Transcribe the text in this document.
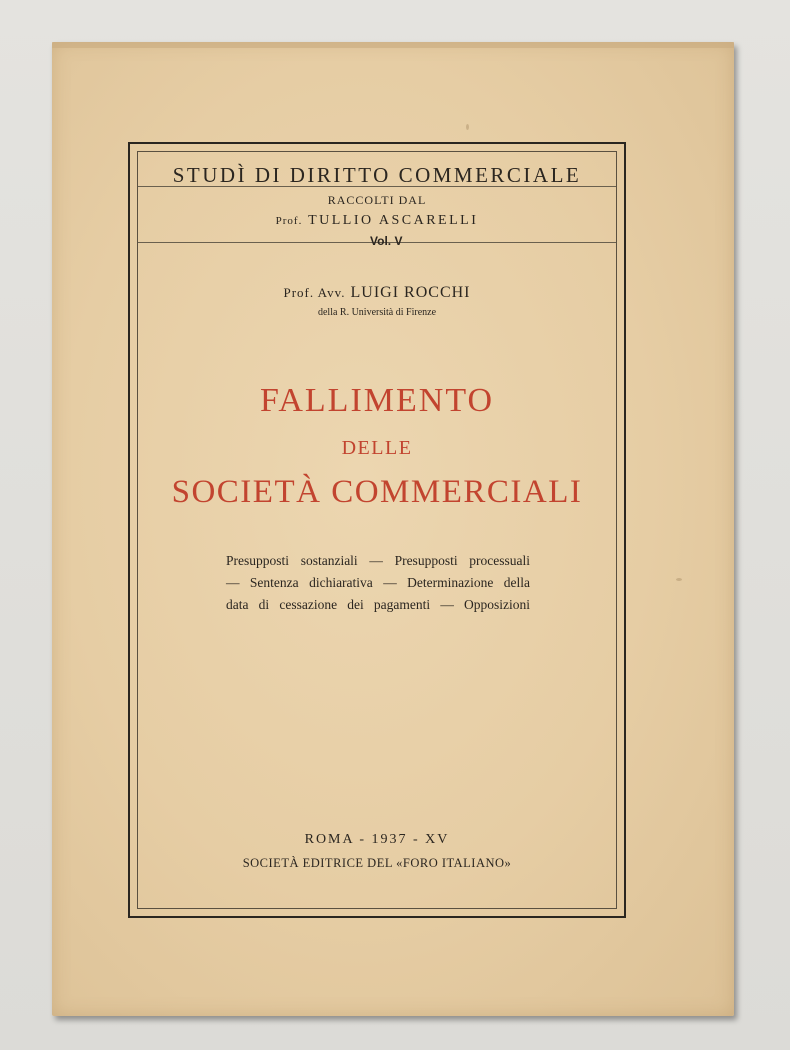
STUDÌ DI DIRITTO COMMERCIALE
RACCOLTI DAL
Prof. TULLIO ASCARELLI
Vol. V
Prof. Avv. LUIGI ROCCHI
della R. Università di Firenze
FALLIMENTO
DELLE
SOCIETÀ COMMERCIALI
Presupposti sostanziali — Presupposti processuali
— Sentenza dichiarativa — Determinazione della
data di cessazione dei pagamenti — Opposizioni
ROMA - 1937 - XV
SOCIETÀ EDITRICE DEL «FORO ITALIANO»
